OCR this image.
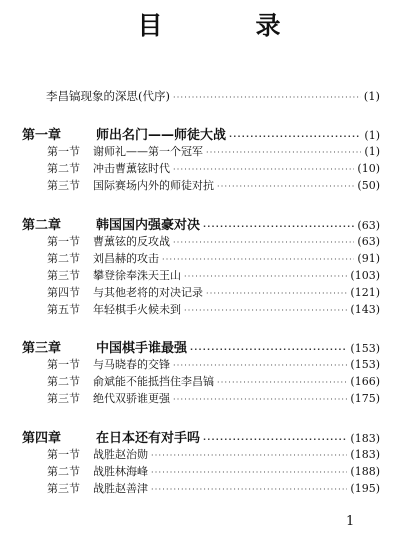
目　录
李昌镐现象的深思(代序) ·····	(1)
第一章	师出名门——师徒大战 ·····	(1)
第一节	谢师礼——第一个冠军 ·····	(1)
第二节	冲击曹薰铉时代 ·····	(10)
第三节	国际赛场内外的师徒对抗 ·····	(50)
第二章	韩国国内强豪对决 ·····	(63)
第一节	曹薰铉的反攻战 ·····	(63)
第二节	刘昌赫的攻击 ·····	(91)
第三节	攀登徐奉洙天王山 ·····	(103)
第四节	与其他老将的对决记录 ·····	(121)
第五节	年轻棋手火候未到 ·····	(143)
第三章	中国棋手谁最强 ·····	(153)
第一节	与马晓春的交锋 ·····	(153)
第二节	俞斌能不能抵挡住李昌镐 ·····	(166)
第三节	绝代双骄谁更强 ·····	(175)
第四章	在日本还有对手吗 ·····	(183)
第一节	战胜赵治勋 ·····	(183)
第二节	战胜林海峰 ·····	(188)
第三节	战胜赵善津 ·····	(195)
1
